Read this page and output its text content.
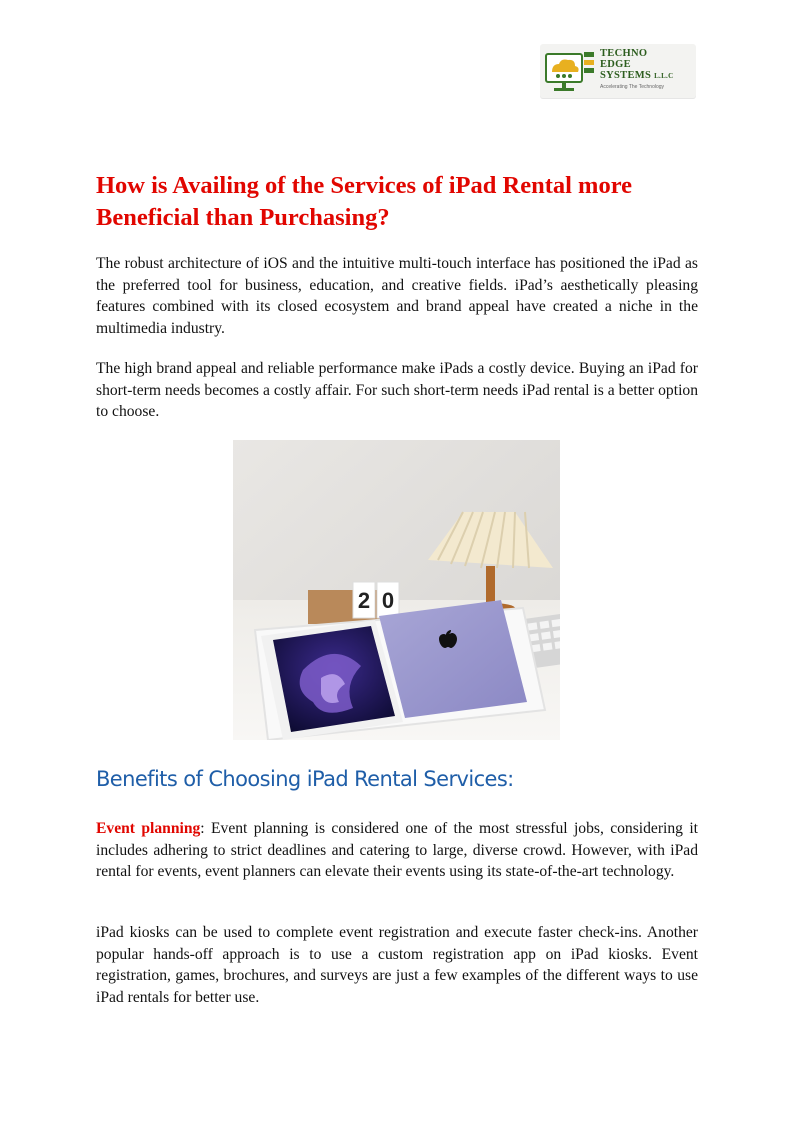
TECHNO
EDGE
SYSTEMS L.L.C
Accelerating The Technology
How is Availing of the Services of iPad Rental more Beneficial than Purchasing?

The robust architecture of iOS and the intuitive multi-touch interface has positioned the iPad as the preferred tool for business, education, and creative fields. iPad’s aesthetically pleasing features combined with its closed ecosystem and brand appeal have created a niche in the multimedia industry.

The high brand appeal and reliable performance make iPads a costly device. Buying an iPad for short-term needs becomes a costly affair. For such short-term needs iPad rental is a better option to choose.

2 0
Benefits of Choosing iPad Rental Services:

Event planning: Event planning is considered one of the most stressful jobs, considering it includes adhering to strict deadlines and catering to large, diverse crowd. However, with iPad rental for events, event planners can elevate their events using its state-of-the-art technology.

iPad kiosks can be used to complete event registration and execute faster check-ins. Another popular hands-off approach is to use a custom registration app on iPad kiosks. Event registration, games, brochures, and surveys are just a few examples of the different ways to use iPad rentals for better use.
